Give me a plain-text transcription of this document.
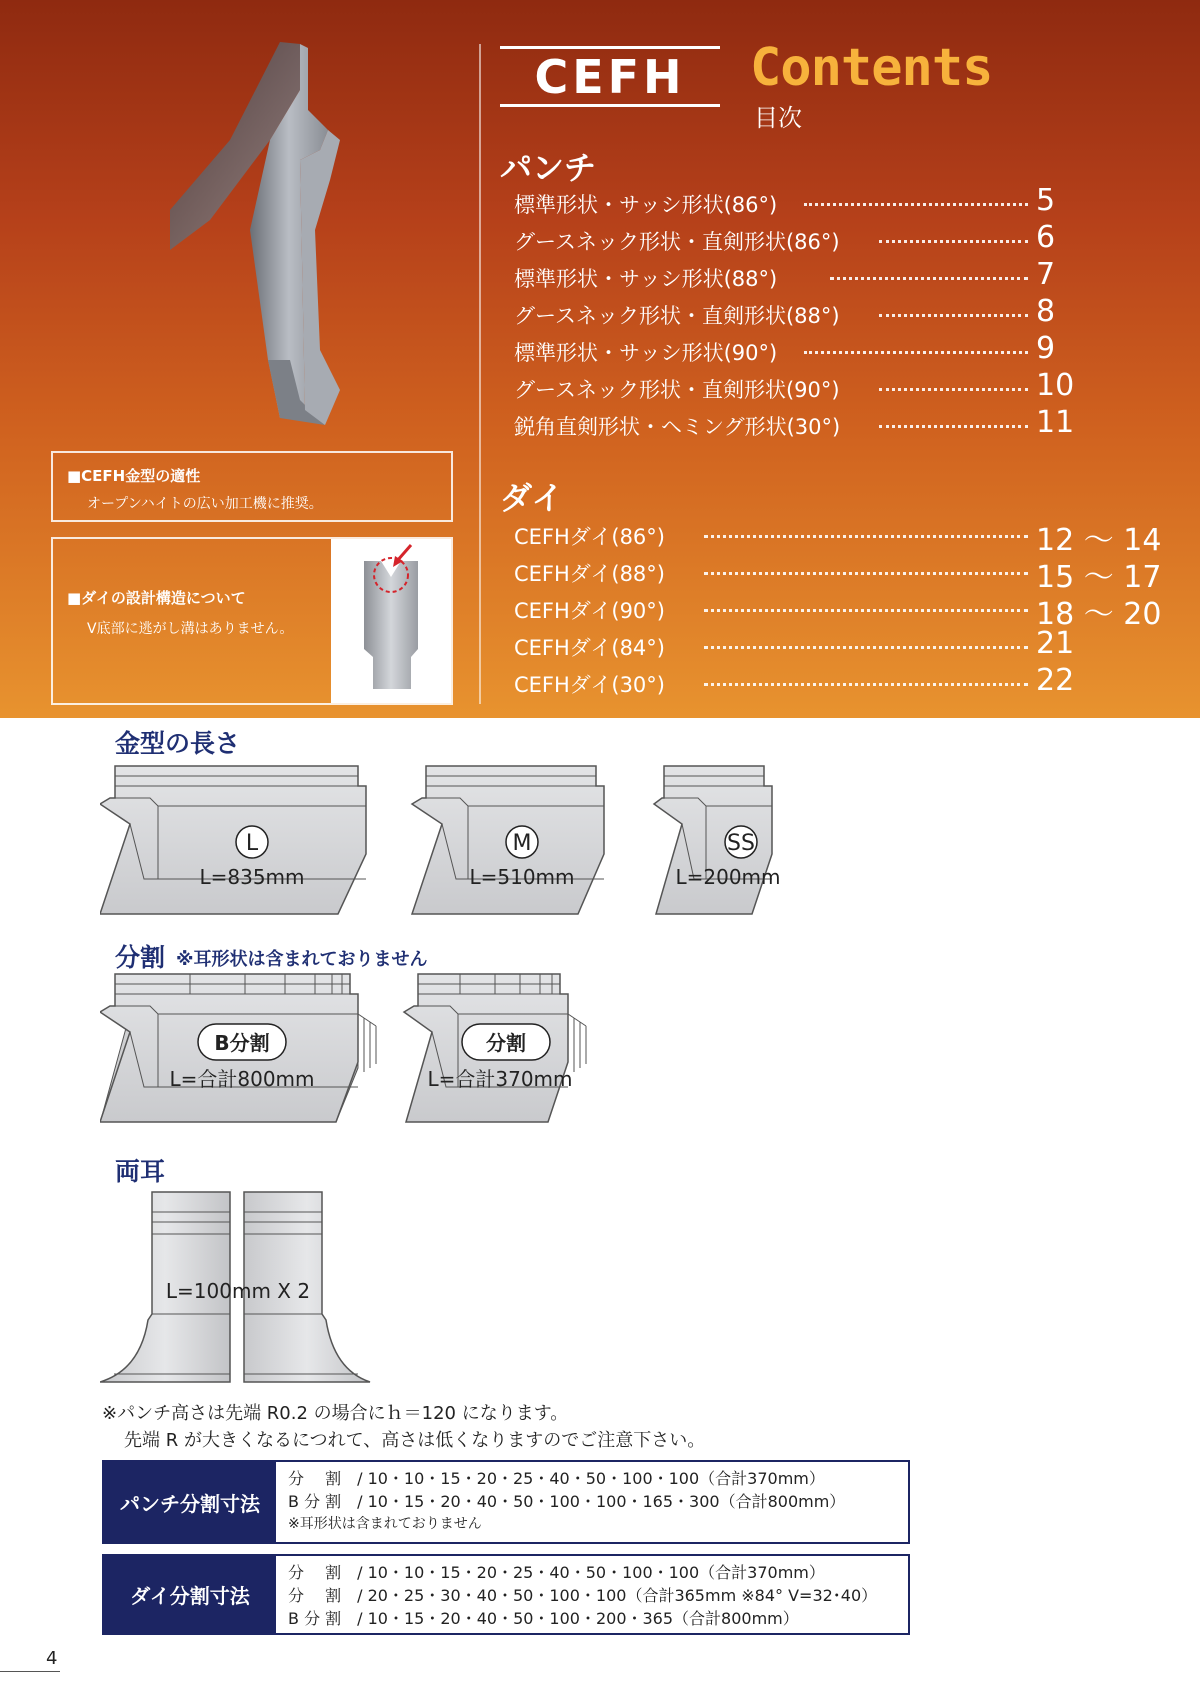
■CEFH金型の適性
オープンハイトの広い加工機に推奨。
■ダイの設計構造について
V底部に逃がし溝はありません。
CEFH Contents
目次
パンチ
標準形状・サッシ形状(86°)	5
グースネック形状・直剣形状(86°)	6
標準形状・サッシ形状(88°)	7
グースネック形状・直剣形状(88°)	8
標準形状・サッシ形状(90°)	9
グースネック形状・直剣形状(90°)	10
鋭角直剣形状・ヘミング形状(30°)	11
ダイ
CEFHダイ(86°)	12 〜 14
CEFHダイ(88°)	15 〜 17
CEFHダイ(90°)	18 〜 20
CEFHダイ(84°)	21
CEFHダイ(30°)	22
金型の長さ
L
L=835mm
M
L=510mm
SS
L=200mm
分割 ※耳形状は含まれておりません
B分割
L=合計800mm
分割
L=合計370mm
両耳
L=100mm X 2
※パンチ高さは先端 R0.2 の場合にｈ＝120 になります。
先端 R が大きくなるにつれて、高さは低くなりますのでご注意下さい。
パンチ分割寸法
分　 割　/ 10・10・15・20・25・40・50・100・100（合計370mm）
B 分 割　/ 10・15・20・40・50・100・100・165・300（合計800mm）
※耳形状は含まれておりません
ダイ分割寸法
分　 割　/ 10・10・15・20・25・40・50・100・100（合計370mm）
分　 割　/ 20・25・30・40・50・100・100（合計365mm ※84° V=32･40）
B 分 割　/ 10・15・20・40・50・100・200・365（合計800mm）
4
